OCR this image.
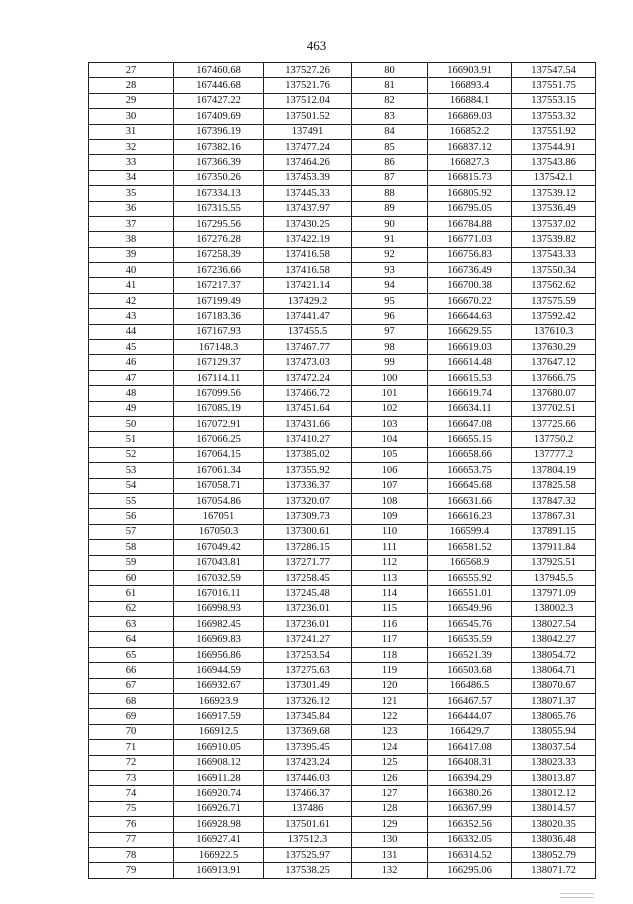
463
27	167460.68	137527.26	80	166903.91	137547.54
28	167446.68	137521.76	81	166893.4	137551.75
29	167427.22	137512.04	82	166884.1	137553.15
30	167409.69	137501.52	83	166869.03	137553.32
31	167396.19	137491	84	166852.2	137551.92
32	167382.16	137477.24	85	166837.12	137544.91
33	167366.39	137464.26	86	166827.3	137543.86
34	167350.26	137453.39	87	166815.73	137542.1
35	167334.13	137445.33	88	166805.92	137539.12
36	167315.55	137437.97	89	166795.05	137536.49
37	167295.56	137430.25	90	166784.88	137537.02
38	167276.28	137422.19	91	166771.03	137539.82
39	167258.39	137416.58	92	166756.83	137543.33
40	167236.66	137416.58	93	166736.49	137550.34
41	167217.37	137421.14	94	166700.38	137562.62
42	167199.49	137429.2	95	166670.22	137575.59
43	167183.36	137441.47	96	166644.63	137592.42
44	167167.93	137455.5	97	166629.55	137610.3
45	167148.3	137467.77	98	166619.03	137630.29
46	167129.37	137473.03	99	166614.48	137647.12
47	167114.11	137472.24	100	166615.53	137666.75
48	167099.56	137466.72	101	166619.74	137680.07
49	167085.19	137451.64	102	166634.11	137702.51
50	167072.91	137431.66	103	166647.08	137725.66
51	167066.25	137410.27	104	166655.15	137750.2
52	167064.15	137385.02	105	166658.66	137777.2
53	167061.34	137355.92	106	166653.75	137804.19
54	167058.71	137336.37	107	166645.68	137825.58
55	167054.86	137320.07	108	166631.66	137847.32
56	167051	137309.73	109	166616.23	137867.31
57	167050.3	137300.61	110	166599.4	137891.15
58	167049.42	137286.15	111	166581.52	137911.84
59	167043.81	137271.77	112	166568.9	137925.51
60	167032.59	137258.45	113	166555.92	137945.5
61	167016.11	137245.48	114	166551.01	137971.09
62	166998.93	137236.01	115	166549.96	138002.3
63	166982.45	137236.01	116	166545.76	138027.54
64	166969.83	137241.27	117	166535.59	138042.27
65	166956.86	137253.54	118	166521.39	138054.72
66	166944.59	137275.63	119	166503.68	138064.71
67	166932.67	137301.49	120	166486.5	138070.67
68	166923.9	137326.12	121	166467.57	138071.37
69	166917.59	137345.84	122	166444.07	138065.76
70	166912.5	137369.68	123	166429.7	138055.94
71	166910.05	137395.45	124	166417.08	138037.54
72	166908.12	137423.24	125	166408.31	138023.33
73	166911.28	137446.03	126	166394.29	138013.87
74	166920.74	137466.37	127	166380.26	138012.12
75	166926.71	137486	128	166367.99	138014.57
76	166928.98	137501.61	129	166352.56	138020.35
77	166927.41	137512.3	130	166332.05	138036.48
78	166922.5	137525.97	131	166314.52	138052.79
79	166913.91	137538.25	132	166295.06	138071.72
